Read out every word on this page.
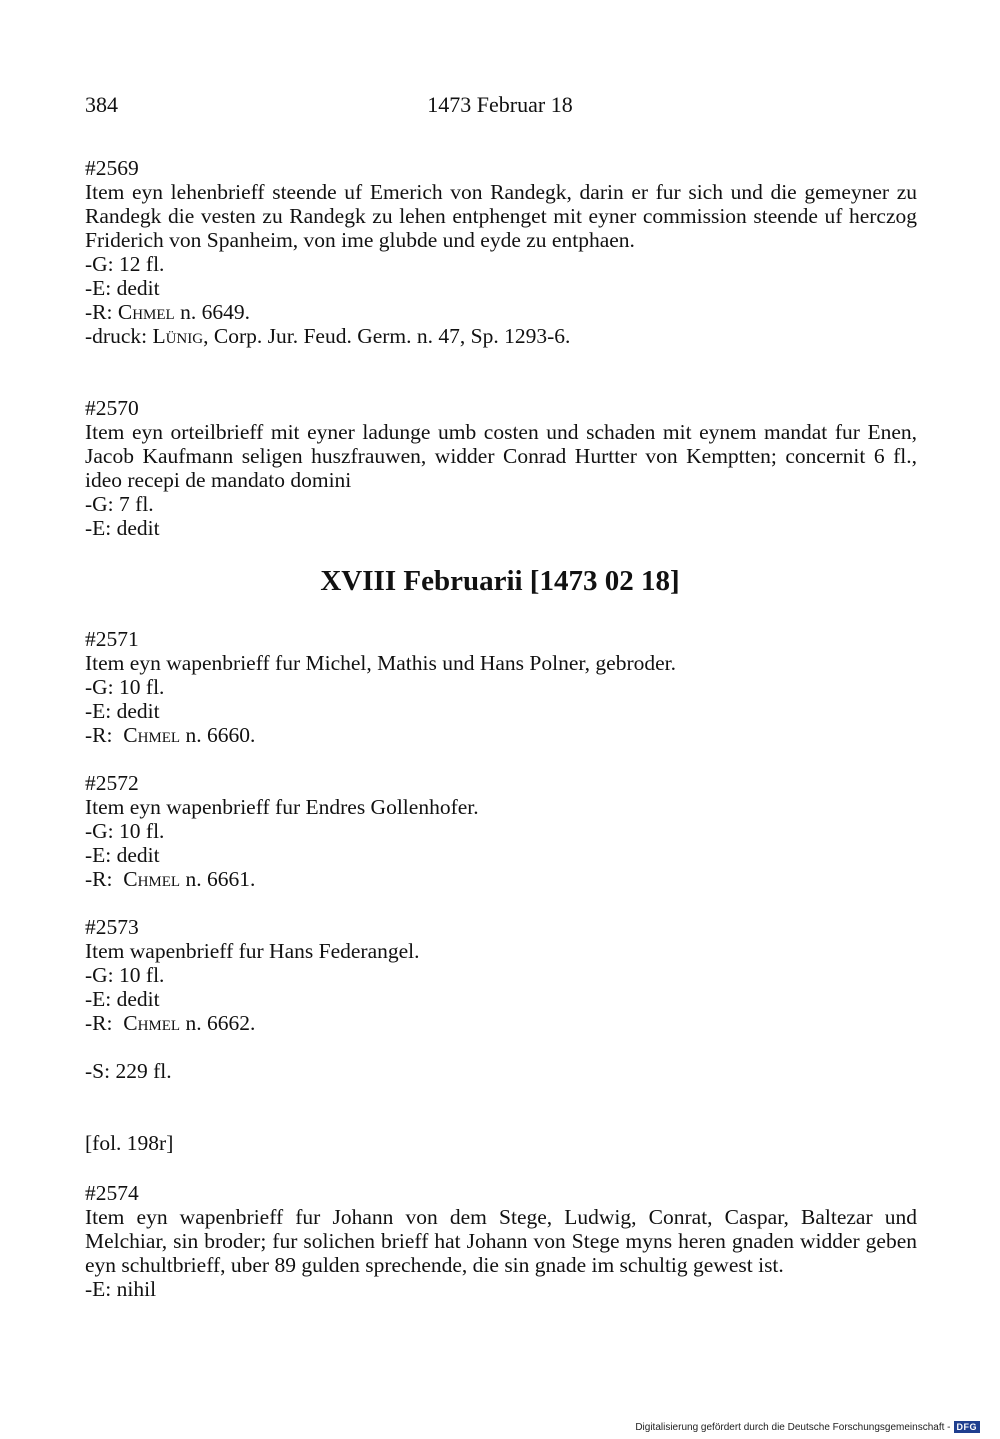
384	1473 Februar 18
#2569
Item eyn lehenbrieff steende uf Emerich von Randegk, darin er fur sich und die gemeyner zu Randegk die vesten zu Randegk zu lehen entphenget mit eyner commission steende uf herczog Friderich von Spanheim, von ime glubde und eyde zu entphaen.
-G: 12 fl.
-E: dedit
-R: Chmel n. 6649.
-druck: Lünig, Corp. Jur. Feud. Germ. n. 47, Sp. 1293-6.
#2570
Item eyn orteilbrieff mit eyner ladunge umb costen und schaden mit eynem mandat fur Enen, Jacob Kaufmann seligen huszfrauwen, widder Conrad Hurtter von Kemptten; concernit 6 fl., ideo recepi de mandato domini
-G: 7 fl.
-E: dedit
XVIII Februarii [1473 02 18]
#2571
Item eyn wapenbrieff fur Michel, Mathis und Hans Polner, gebroder.
-G: 10 fl.
-E: dedit
-R:  Chmel n. 6660.
#2572
Item eyn wapenbrieff fur Endres Gollenhofer.
-G: 10 fl.
-E: dedit
-R:  Chmel n. 6661.
#2573
Item wapenbrieff fur Hans Federangel.
-G: 10 fl.
-E: dedit
-R:  Chmel n. 6662.
-S: 229 fl.
[fol. 198r]
#2574
Item eyn wapenbrieff fur Johann von dem Stege, Ludwig, Conrat, Caspar, Baltezar und Melchiar, sin broder; fur solichen brieff hat Johann von Stege myns heren gnaden widder geben eyn schultbrieff, uber 89 gulden sprechende, die sin gnade im schultig gewest ist.
-E: nihil
Digitalisierung gefördert durch die Deutsche Forschungsgemeinschaft - DFG
